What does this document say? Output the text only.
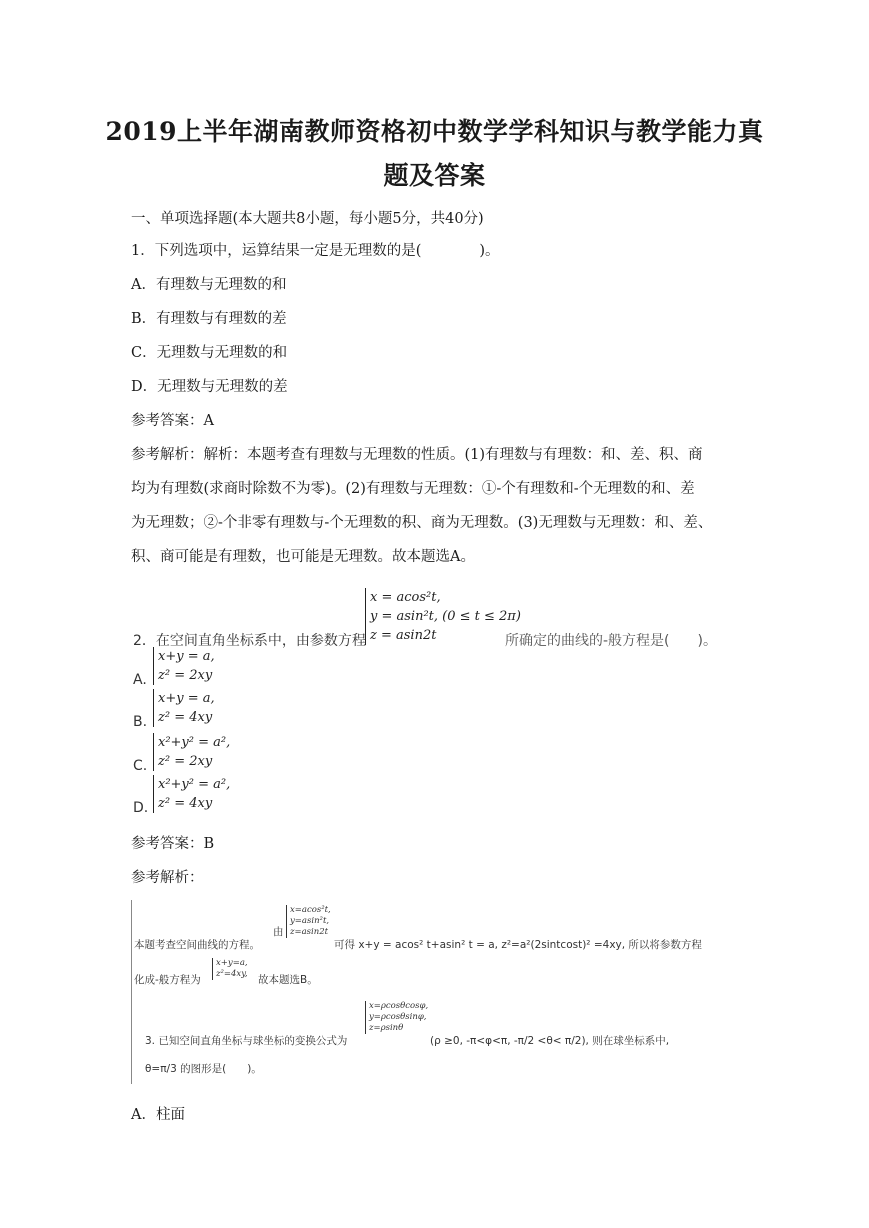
2019上半年湖南教师资格初中数学学科知识与教学能力真
题及答案
一、单项选择题(本大题共8小题，每小题5分，共40分)
1．下列选项中，运算结果一定是无理数的是(　　　　)。
A．有理数与无理数的和
B．有理数与有理数的差
C．无理数与无理数的和
D．无理数与无理数的差
参考答案：A
参考解析：解析：本题考查有理数与无理数的性质。(1)有理数与有理数：和、差、积、商
均为有理数(求商时除数不为零)。(2)有理数与无理数：①-个有理数和-个无理数的和、差
为无理数；②-个非零有理数与-个无理数的积、商为无理数。(3)无理数与无理数：和、差、
积、商可能是有理数，也可能是无理数。故本题选A。
2．在空间直角坐标系中，由参数方程
x = acos²t,
y = asin²t, (0 ≤ t ≤ 2π)
z = asin2t	所确定的曲线的-般方程是(　　)。
A.
x+y = a,
z² = 2xy
B.
x+y = a,
z² = 4xy
C.
x²+y² = a²,
z² = 2xy
D.
x²+y² = a²,
z² = 4xy
参考答案：B
参考解析：
本题考查空间曲线的方程。
由
x=acos²t,
y=asin²t,
z=asin2t
可得 x+y = acos² t+asin² t = a, z²=a²(2sintcost)² =4xy, 所以将参数方程
化成-般方程为
x+y=a,
z²=4xy, 故本题选B。
3. 已知空间直角坐标与球坐标的变换公式为
x=ρcosθcosφ,
y=ρcosθsinφ,
z=ρsinθ
(ρ ≥0, -π<φ<π, -π/2 <θ< π/2), 则在球坐标系中,
θ=π/3 的图形是(　　)。
A．柱面
